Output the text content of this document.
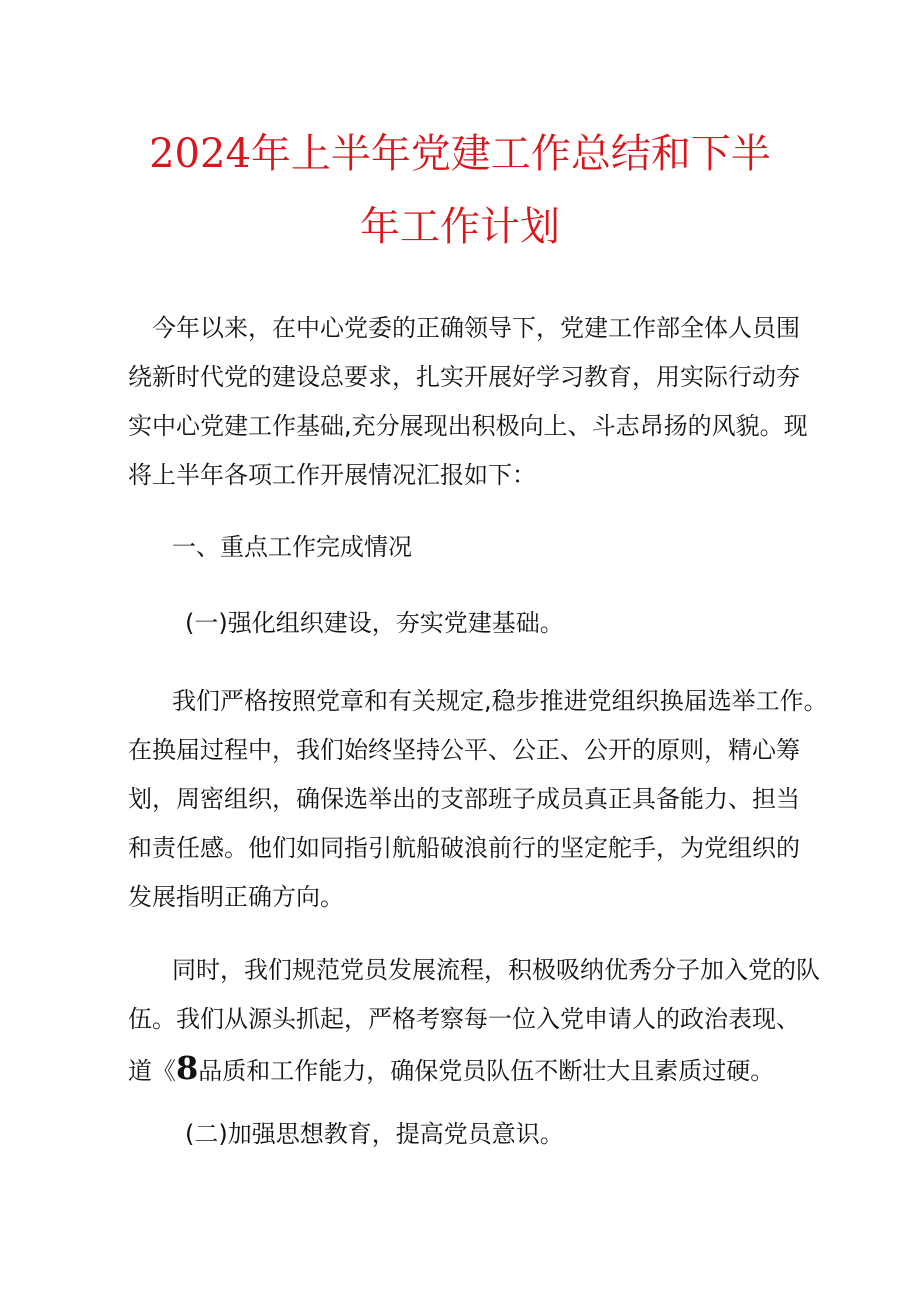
2024年上半年党建工作总结和下半
年工作计划
今年以来，在中心党委的正确领导下，党建工作部全体人员围
绕新时代党的建设总要求，扎实开展好学习教育，用实际行动夯
实中心党建工作基础,充分展现出积极向上、斗志昂扬的风貌。现
将上半年各项工作开展情况汇报如下：
一、重点工作完成情况
(一)强化组织建设，夯实党建基础。
我们严格按照党章和有关规定,稳步推进党组织换届选举工作。
在换届过程中，我们始终坚持公平、公正、公开的原则，精心筹
划，周密组织，确保选举出的支部班子成员真正具备能力、担当
和责任感。他们如同指引航船破浪前行的坚定舵手，为党组织的
发展指明正确方向。
同时，我们规范党员发展流程，积极吸纳优秀分子加入党的队
伍。我们从源头抓起，严格考察每一位入党申请人的政治表现、
道《8品质和工作能力，确保党员队伍不断壮大且素质过硬。
(二)加强思想教育，提高党员意识。
